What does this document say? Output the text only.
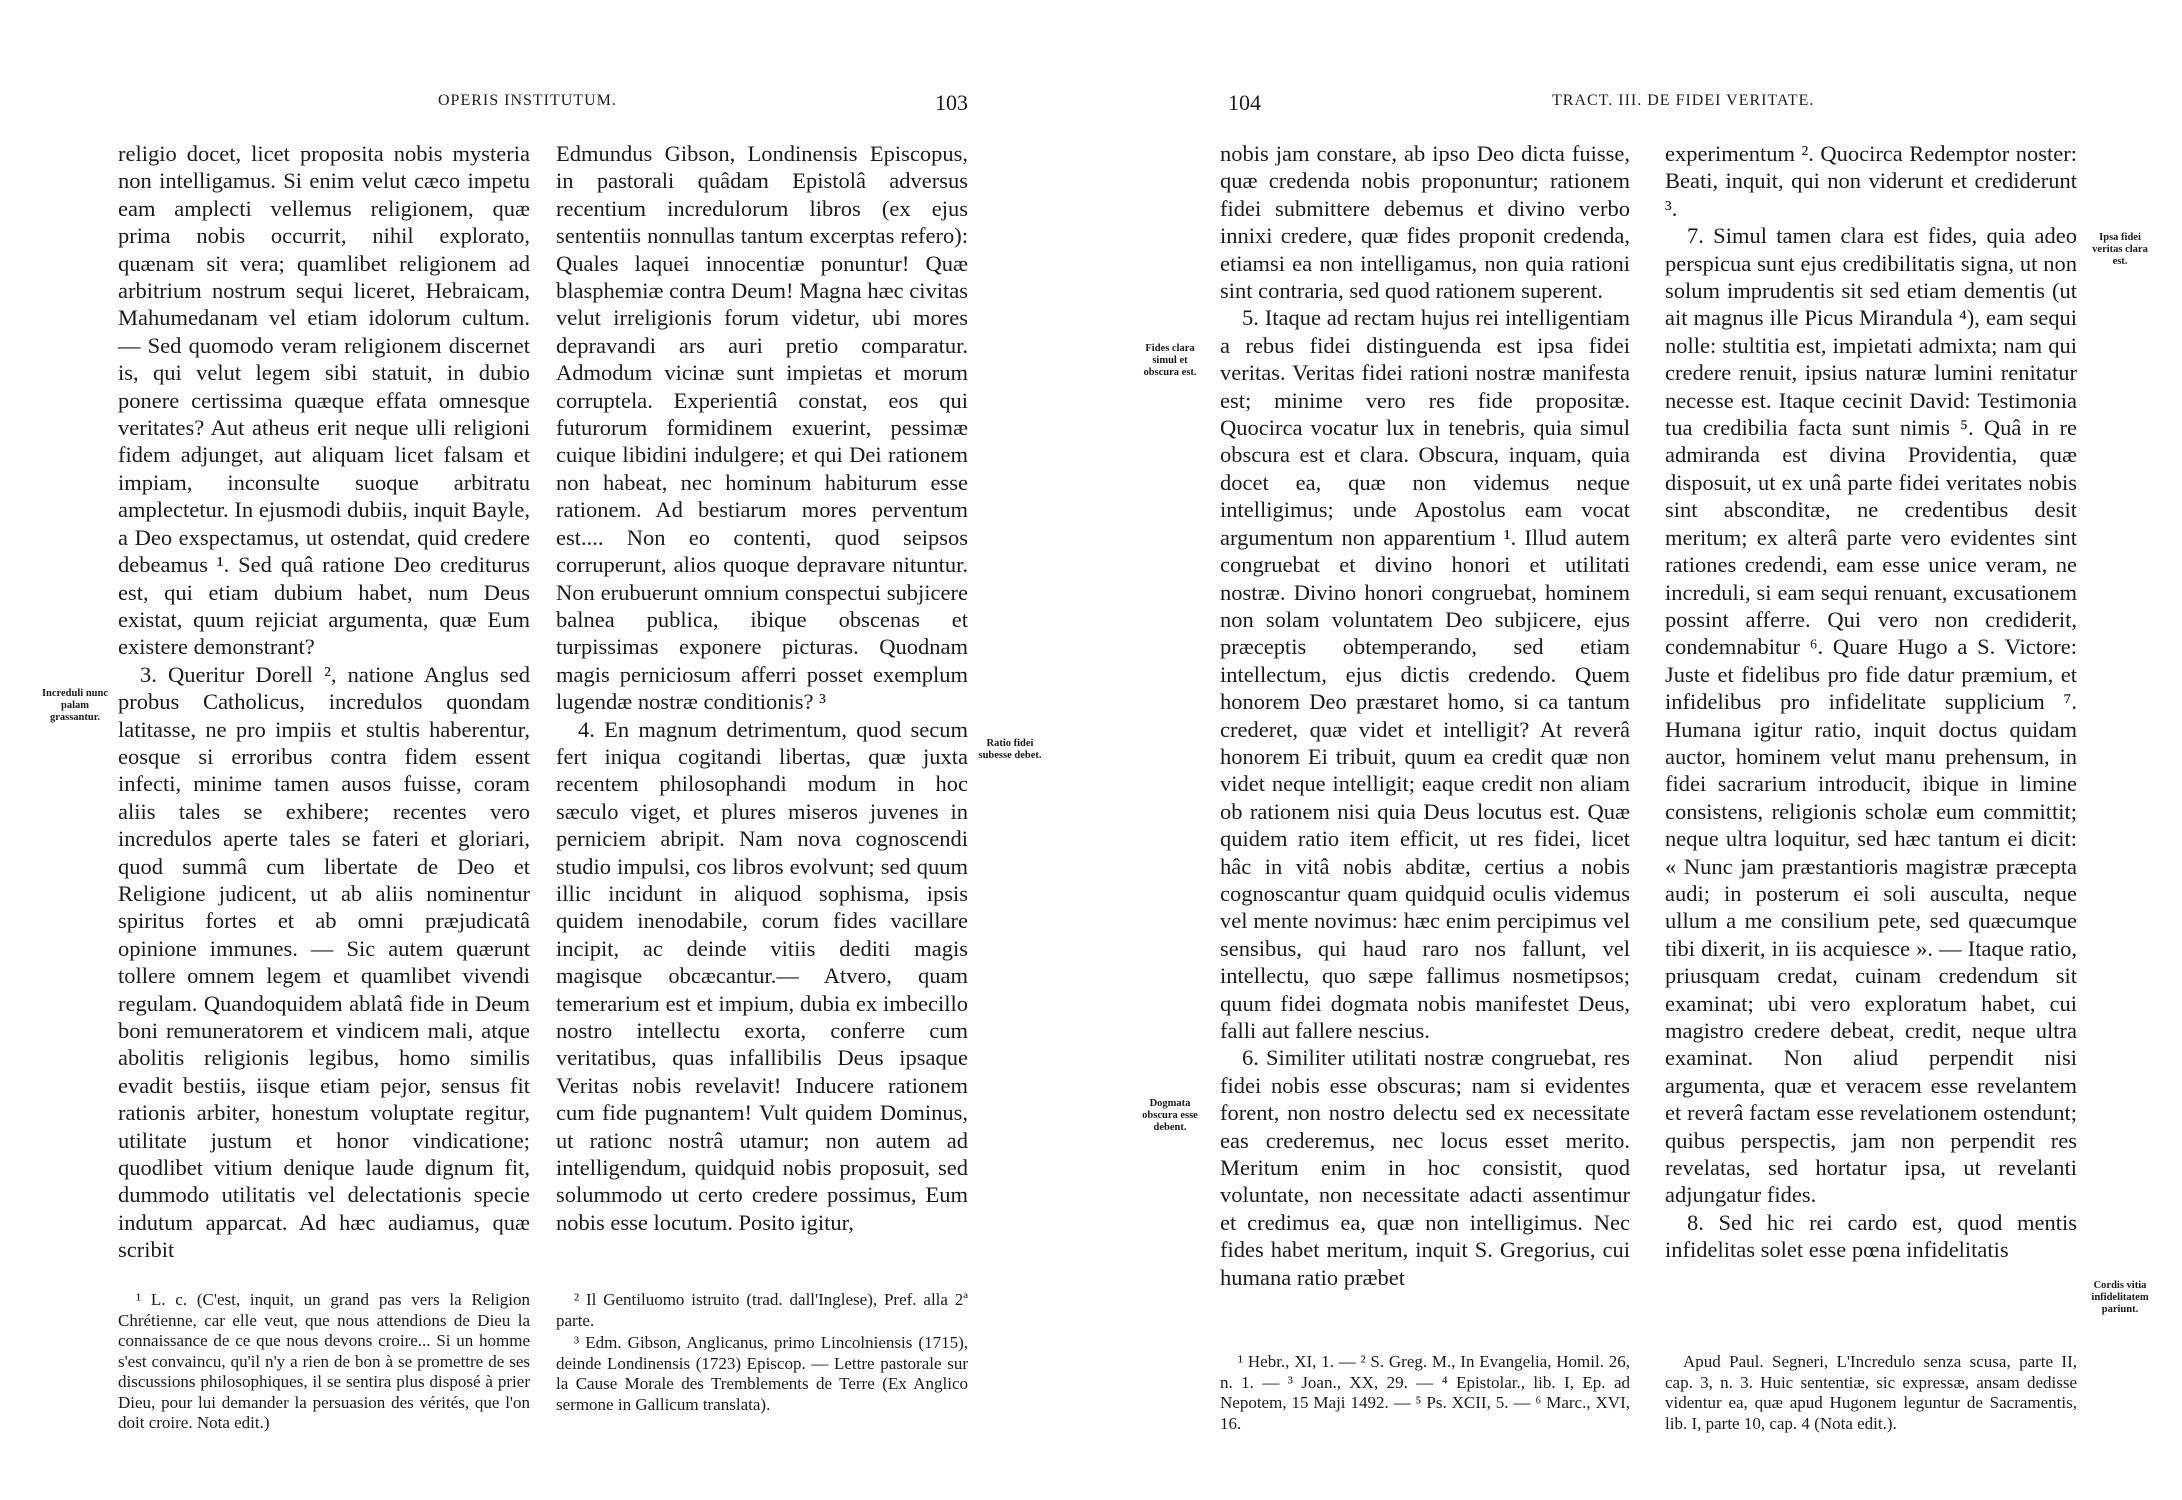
OPERIS INSTITUTUM.	103
Increduli nunc palam grassantur.
Ratio fidei subesse debet.

religio docet, licet proposita nobis mysteria non intelligamus. Si enim velut cæco impetu eam amplecti vellemus religionem, quæ prima nobis occurrit, nihil explorato, quænam sit vera; quamlibet religionem ad arbitrium nostrum sequi liceret, Hebraicam, Mahumedanam vel etiam idolorum cultum. — Sed quomodo veram religionem discernet is, qui velut legem sibi statuit, in dubio ponere certissima quæque effata omnesque veritates? Aut atheus erit neque ulli religioni fidem adjunget, aut aliquam licet falsam et impiam, inconsulte suoque arbitratu amplectetur. In ejusmodi dubiis, inquit Bayle, a Deo exspectamus, ut ostendat, quid credere debeamus ¹. Sed quâ ratione Deo crediturus est, qui etiam dubium habet, num Deus existat, quum rejiciat argumenta, quæ Eum existere demonstrant?

3. Queritur Dorell ², natione Anglus sed probus Catholicus, incredulos quondam latitasse, ne pro impiis et stultis haberentur, eosque si erroribus contra fidem essent infecti, minime tamen ausos fuisse, coram aliis tales se exhibere; recentes vero incredulos aperte tales se fateri et gloriari, quod summâ cum libertate de Deo et Religione judicent, ut ab aliis nominentur spiritus fortes et ab omni præjudicatâ opinione immunes. — Sic autem quærunt tollere omnem legem et quamlibet vivendi regulam. Quandoquidem ablatâ fide in Deum boni remuneratorem et vindicem mali, atque abolitis religionis legibus, homo similis evadit bestiis, iisque etiam pejor, sensus fit rationis arbiter, honestum voluptate regitur, utilitate justum et honor vindicatione; quodlibet vitium denique laude dignum fit, dummodo utilitatis vel delectationis specie indutum apparcat. Ad hæc audiamus, quæ scribit

Edmundus Gibson, Londinensis Episcopus, in pastorali quâdam Epistolâ adversus recentium incredulorum libros (ex ejus sententiis nonnullas tantum excerptas refero): Quales laquei innocentiæ ponuntur! Quæ blasphemiæ contra Deum! Magna hæc civitas velut irreligionis forum videtur, ubi mores depravandi ars auri pretio comparatur. Admodum vicinæ sunt impietas et morum corruptela. Experientiâ constat, eos qui futurorum formidinem exuerint, pessimæ cuique libidini indulgere; et qui Dei rationem non habeat, nec hominum habiturum esse rationem. Ad bestiarum mores perventum est.... Non eo contenti, quod seipsos corruperunt, alios quoque depravare nituntur. Non erubuerunt omnium conspectui subjicere balnea publica, ibique obscenas et turpissimas exponere picturas. Quodnam magis perniciosum afferri posset exemplum lugendæ nostræ conditionis? ³

4. En magnum detrimentum, quod secum fert iniqua cogitandi libertas, quæ juxta recentem philosophandi modum in hoc sæculo viget, et plures miseros juvenes in perniciem abripit. Nam nova cognoscendi studio impulsi, cos libros evolvunt; sed quum illic incidunt in aliquod sophisma, ipsis quidem inenodabile, corum fides vacillare incipit, ac deinde vitiis dediti magis magisque obcæcantur.— Atvero, quam temerarium est et impium, dubia ex imbecillo nostro intellectu exorta, conferre cum veritatibus, quas infallibilis Deus ipsaque Veritas nobis revelavit! Inducere rationem cum fide pugnantem! Vult quidem Dominus, ut rationc nostrâ utamur; non autem ad intelligendum, quidquid nobis proposuit, sed solummodo ut certo credere possimus, Eum nobis esse locutum. Posito igitur,

¹ L. c. (C'est, inquit, un grand pas vers la Religion Chrétienne, car elle veut, que nous attendions de Dieu la connaissance de ce que nous devons croire... Si un homme s'est convaincu, qu'il n'y a rien de bon à se promettre de ses discussions philosophiques, il se sentira plus disposé à prier Dieu, pour lui demander la persuasion des vérités, que l'on doit croire. Nota edit.)

² Il Gentiluomo istruito (trad. dall'Inglese), Pref. alla 2ª parte.

³ Edm. Gibson, Anglicanus, primo Lincolniensis (1715), deinde Londinensis (1723) Episcop. — Lettre pastorale sur la Cause Morale des Tremblements de Terre (Ex Anglico sermone in Gallicum translata).

104	TRACT. III. DE FIDEI VERITATE.
Fides clara simul et obscura est.
Dogmata obscura esse debent.
Ipsa fidei veritas clara est.
Cordis vitia infidelitatem pariunt.

nobis jam constare, ab ipso Deo dicta fuisse, quæ credenda nobis proponuntur; rationem fidei submittere debemus et divino verbo innixi credere, quæ fides proponit credenda, etiamsi ea non intelligamus, non quia rationi sint contraria, sed quod rationem superent.

5. Itaque ad rectam hujus rei intelligentiam a rebus fidei distinguenda est ipsa fidei veritas. Veritas fidei rationi nostræ manifesta est; minime vero res fide propositæ. Quocirca vocatur lux in tenebris, quia simul obscura est et clara. Obscura, inquam, quia docet ea, quæ non videmus neque intelligimus; unde Apostolus eam vocat argumentum non apparentium ¹. Illud autem congruebat et divino honori et utilitati nostræ. Divino honori congruebat, hominem non solam voluntatem Deo subjicere, ejus præceptis obtemperando, sed etiam intellectum, ejus dictis credendo. Quem honorem Deo præstaret homo, si ca tantum crederet, quæ videt et intelligit? At reverâ honorem Ei tribuit, quum ea credit quæ non videt neque intelligit; eaque credit non aliam ob rationem nisi quia Deus locutus est. Quæ quidem ratio item efficit, ut res fidei, licet hâc in vitâ nobis abditæ, certius a nobis cognoscantur quam quidquid oculis videmus vel mente novimus: hæc enim percipimus vel sensibus, qui haud raro nos fallunt, vel intellectu, quo sæpe fallimus nosmetipsos; quum fidei dogmata nobis manifestet Deus, falli aut fallere nescius.

6. Similiter utilitati nostræ congruebat, res fidei nobis esse obscuras; nam si evidentes forent, non nostro delectu sed ex necessitate eas crederemus, nec locus esset merito. Meritum enim in hoc consistit, quod voluntate, non necessitate adacti assentimur et credimus ea, quæ non intelligimus. Nec fides habet meritum, inquit S. Gregorius, cui humana ratio præbet

experimentum ². Quocirca Redemptor noster: Beati, inquit, qui non viderunt et crediderunt ³.

7. Simul tamen clara est fides, quia adeo perspicua sunt ejus credibilitatis signa, ut non solum imprudentis sit sed etiam dementis (ut ait magnus ille Picus Mirandula ⁴), eam sequi nolle: stultitia est, impietati admixta; nam qui credere renuit, ipsius naturæ lumini renitatur necesse est. Itaque cecinit David: Testimonia tua credibilia facta sunt nimis ⁵. Quâ in re admiranda est divina Providentia, quæ disposuit, ut ex unâ parte fidei veritates nobis sint absconditæ, ne credentibus desit meritum; ex alterâ parte vero evidentes sint rationes credendi, eam esse unice veram, ne increduli, si eam sequi renuant, excusationem possint afferre. Qui vero non crediderit, condemnabitur ⁶. Quare Hugo a S. Victore: Juste et fidelibus pro fide datur præmium, et infidelibus pro infidelitate supplicium ⁷. Humana igitur ratio, inquit doctus quidam auctor, hominem velut manu prehensum, in fidei sacrarium introducit, ibique in limine consistens, religionis scholæ eum committit; neque ultra loquitur, sed hæc tantum ei dicit: « Nunc jam præstantioris magistræ præcepta audi; in posterum ei soli ausculta, neque ullum a me consilium pete, sed quæcumque tibi dixerit, in iis acquiesce ». — Itaque ratio, priusquam credat, cuinam credendum sit examinat; ubi vero exploratum habet, cui magistro credere debeat, credit, neque ultra examinat. Non aliud perpendit nisi argumenta, quæ et veracem esse revelantem et reverâ factam esse revelationem ostendunt; quibus perspectis, jam non perpendit res revelatas, sed hortatur ipsa, ut revelanti adjungatur fides.

8. Sed hic rei cardo est, quod mentis infidelitas solet esse pœna infidelitatis

¹ Hebr., XI, 1. — ² S. Greg. M., In Evangelia, Homil. 26, n. 1. — ³ Joan., XX, 29. — ⁴ Epistolar., lib. I, Ep. ad Nepotem, 15 Maji 1492. — ⁵ Ps. XCII, 5. — ⁶ Marc., XVI, 16.

Apud Paul. Segneri, L'Incredulo senza scusa, parte II, cap. 3, n. 3. Huic sententiæ, sic expressæ, ansam dedisse videntur ea, quæ apud Hugonem leguntur de Sacramentis, lib. I, parte 10, cap. 4 (Nota edit.).
